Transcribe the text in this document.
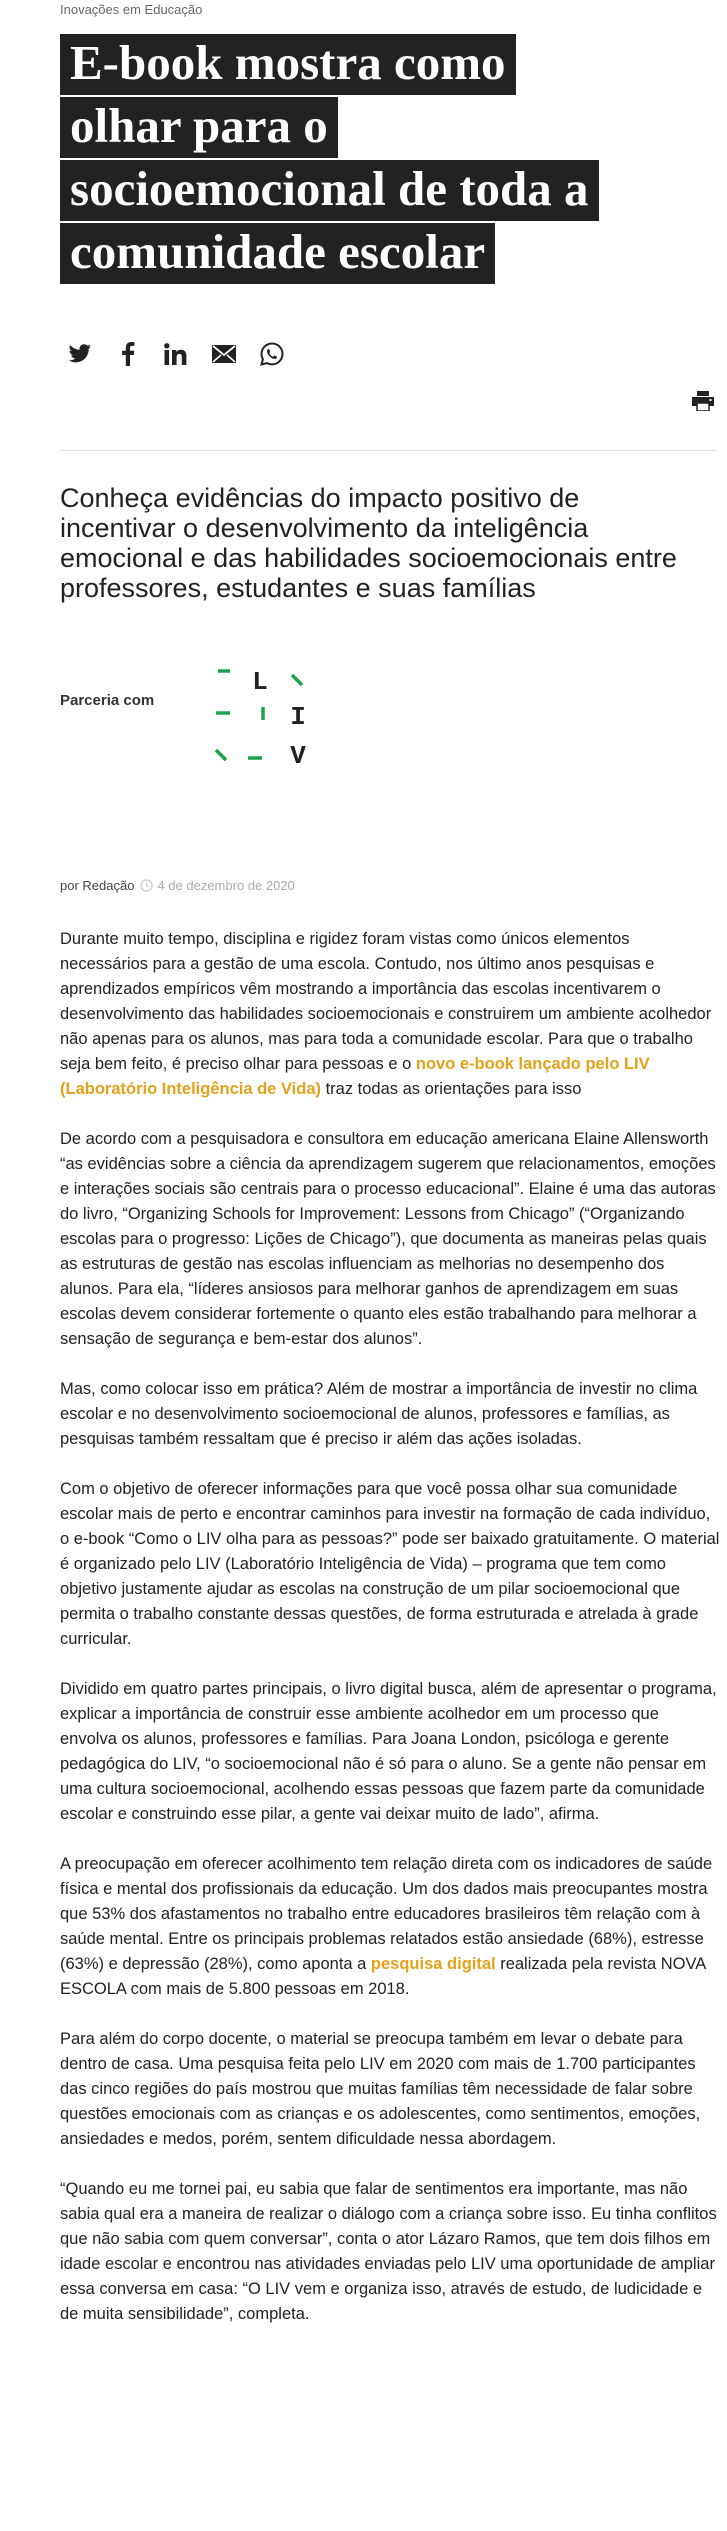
Inovações em Educação
E-book mostra como
olhar para o
socioemocional de toda a
comunidade escolar
Conheça evidências do impacto positivo de incentivar o desenvolvimento da inteligência emocional e das habilidades socioemocionais entre professores, estudantes e suas famílias
Parceria com
L
I
V
por Redação 4 de dezembro de 2020

Durante muito tempo, disciplina e rigidez foram vistas como únicos elementos necessários para a gestão de uma escola. Contudo, nos último anos pesquisas e aprendizados empíricos vêm mostrando a importância das escolas incentivarem o desenvolvimento das habilidades socioemocionais e construirem um ambiente acolhedor não apenas para os alunos, mas para toda a comunidade escolar. Para que o trabalho seja bem feito, é preciso olhar para pessoas e o novo e-book lançado pelo LIV (Laboratório Inteligência de Vida) traz todas as orientações para isso

De acordo com a pesquisadora e consultora em educação americana Elaine Allensworth “as evidências sobre a ciência da aprendizagem sugerem que relacionamentos, emoções e interações sociais são centrais para o processo educacional”. Elaine é uma das autoras do livro, “Organizing Schools for Improvement: Lessons from Chicago” (“Organizando escolas para o progresso: Lições de Chicago”), que documenta as maneiras pelas quais as estruturas de gestão nas escolas influenciam as melhorias no desempenho dos alunos. Para ela, “líderes ansiosos para melhorar ganhos de aprendizagem em suas escolas devem considerar fortemente o quanto eles estão trabalhando para melhorar a sensação de segurança e bem-estar dos alunos”.

Mas, como colocar isso em prática? Além de mostrar a importância de investir no clima escolar e no desenvolvimento socioemocional de alunos, professores e famílias, as pesquisas também ressaltam que é preciso ir além das ações isoladas.

Com o objetivo de oferecer informações para que você possa olhar sua comunidade escolar mais de perto e encontrar caminhos para investir na formação de cada indivíduo, o e-book “Como o LIV olha para as pessoas?” pode ser baixado gratuitamente. O material é organizado pelo LIV (Laboratório Inteligência de Vida) – programa que tem como objetivo justamente ajudar as escolas na construção de um pilar socioemocional que permita o trabalho constante dessas questões, de forma estruturada e atrelada à grade curricular.

Dividido em quatro partes principais, o livro digital busca, além de apresentar o programa, explicar a importância de construir esse ambiente acolhedor em um processo que envolva os alunos, professores e famílias. Para Joana London, psicóloga e gerente pedagógica do LIV, “o socioemocional não é só para o aluno. Se a gente não pensar em uma cultura socioemocional, acolhendo essas pessoas que fazem parte da comunidade escolar e construindo esse pilar, a gente vai deixar muito de lado”, afirma.

A preocupação em oferecer acolhimento tem relação direta com os indicadores de saúde física e mental dos profissionais da educação. Um dos dados mais preocupantes mostra que 53% dos afastamentos no trabalho entre educadores brasileiros têm relação com à saúde mental. Entre os principais problemas relatados estão ansiedade (68%), estresse (63%) e depressão (28%), como aponta a pesquisa digital realizada pela revista NOVA ESCOLA com mais de 5.800 pessoas em 2018.

Para além do corpo docente, o material se preocupa também em levar o debate para dentro de casa. Uma pesquisa feita pelo LIV em 2020 com mais de 1.700 participantes das cinco regiões do país mostrou que muitas famílias têm necessidade de falar sobre questões emocionais com as crianças e os adolescentes, como sentimentos, emoções, ansiedades e medos, porém, sentem dificuldade nessa abordagem.

“Quando eu me tornei pai, eu sabia que falar de sentimentos era importante, mas não sabia qual era a maneira de realizar o diálogo com a criança sobre isso. Eu tinha conflitos que não sabia com quem conversar”, conta o ator Lázaro Ramos, que tem dois filhos em idade escolar e encontrou nas atividades enviadas pelo LIV uma oportunidade de ampliar essa conversa em casa: “O LIV vem e organiza isso, através de estudo, de ludicidade e de muita sensibilidade”, completa.
